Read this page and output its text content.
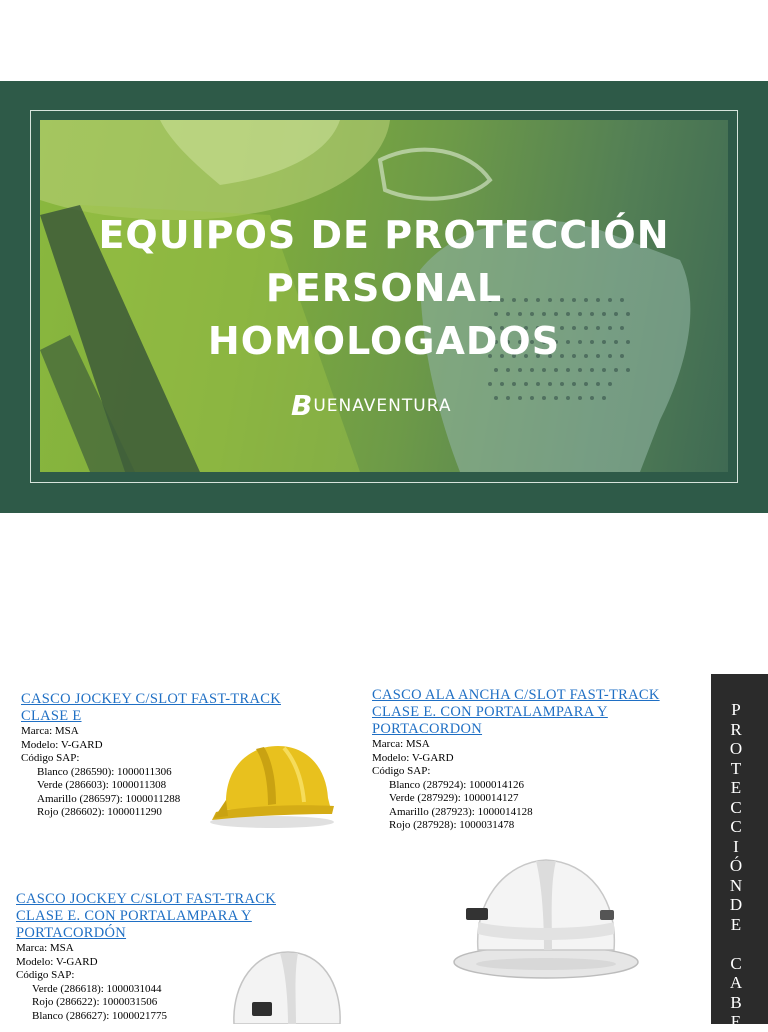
EQUIPOS DE PROTECCIÓN
PERSONAL
HOMOLOGADOS
B UENAVENTURA
CASCO JOCKEY C/SLOT FAST-TRACK
CLASE E
Marca: MSA
Modelo: V-GARD
Código SAP:
Blanco (286590): 1000011306
Verde (286603): 1000011308
Amarillo (286597): 1000011288
Rojo (286602): 1000011290
CASCO ALA ANCHA C/SLOT FAST-TRACK
CLASE E. CON PORTALAMPARA Y
PORTACORDON
Marca: MSA
Modelo: V-GARD
Código SAP:
Blanco (287924): 1000014126
Verde (287929): 1000014127
Amarillo (287923): 1000014128
Rojo (287928): 1000031478
CASCO JOCKEY C/SLOT FAST-TRACK
CLASE E. CON PORTALAMPARA Y
PORTACORDÓN
Marca: MSA
Modelo: V-GARD
Código SAP:
Verde (286618): 1000031044
Rojo (286622): 1000031506
Blanco (286627): 1000021775
P
R
O
T
E
C
C
I
Ó
N
D
E

C
A
B
E
